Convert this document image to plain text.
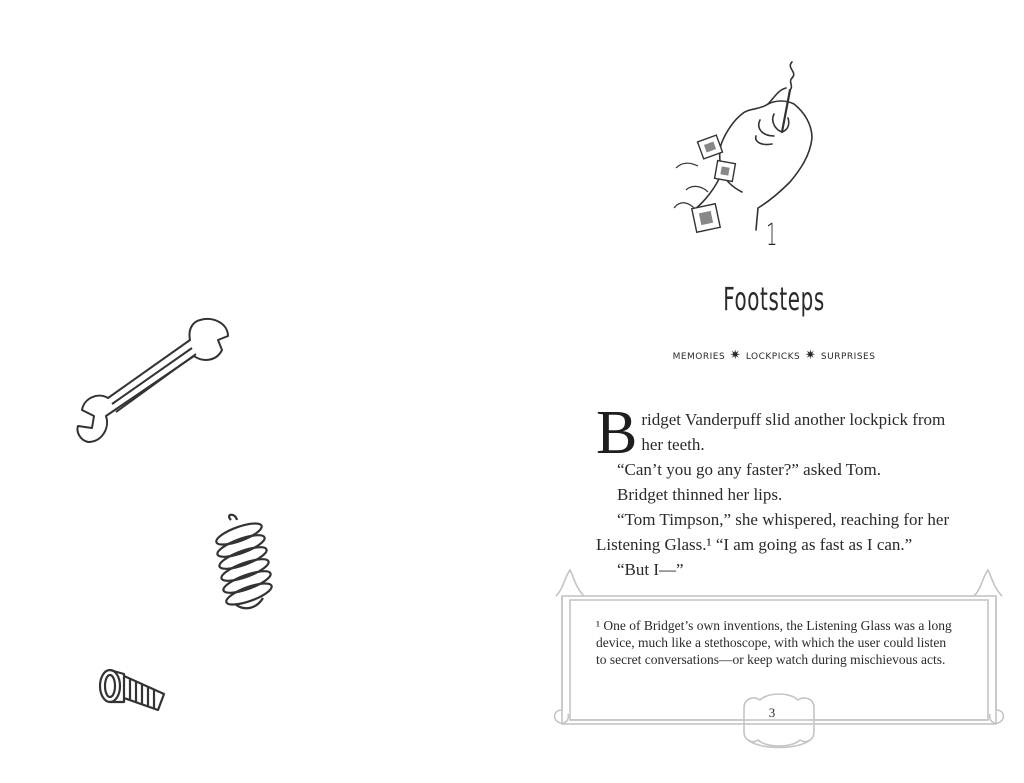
1
Footsteps
memories ✷ lockpicks ✷ surprises

Bridget Vanderpuff slid another lockpick from her teeth.

“Can’t you go any faster?” asked Tom.

Bridget thinned her lips.

“Tom Timpson,” she whispered, reaching for her Listening Glass.¹ “I am going as fast as I can.”

“But I—”

¹ One of Bridget’s own inventions, the Listening Glass was a long device, much like a stethoscope, with which the user could listen to secret conversations—or keep watch during mischievous acts.
3
